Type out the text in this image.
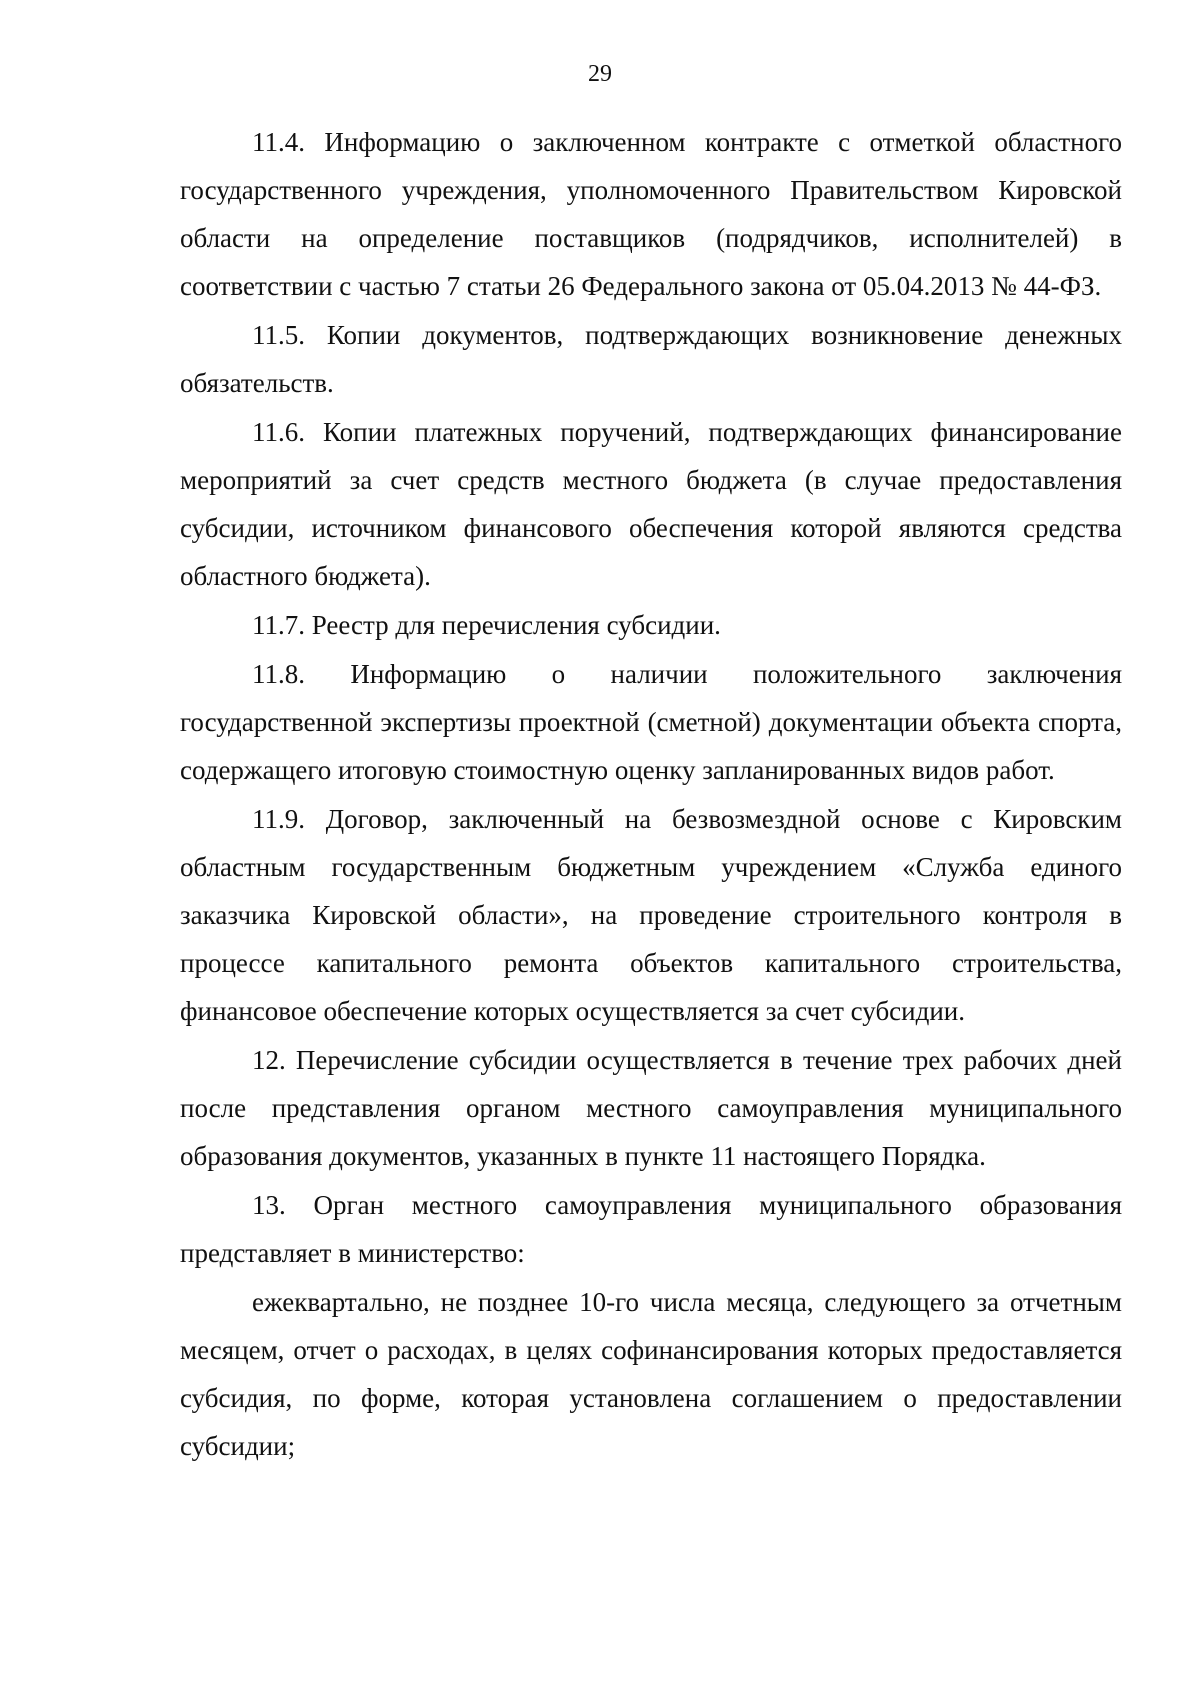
29

11.4. Информацию о заключенном контракте с отметкой областного государственного учреждения, уполномоченного Правительством Кировской области на определение поставщиков (подрядчиков, исполнителей) в соответствии с частью 7 статьи 26 Федерального закона от 05.04.2013 № 44-ФЗ.

11.5. Копии документов, подтверждающих возникновение денежных обязательств.

11.6. Копии платежных поручений, подтверждающих финансирование мероприятий за счет средств местного бюджета (в случае предоставления субсидии, источником финансового обеспечения которой являются средства областного бюджета).

11.7. Реестр для перечисления субсидии.

11.8. Информацию о наличии положительного заключения государственной экспертизы проектной (сметной) документации объекта спорта, содержащего итоговую стоимостную оценку запланированных видов работ.

11.9. Договор, заключенный на безвозмездной основе с Кировским областным государственным бюджетным учреждением «Служба единого заказчика Кировской области», на проведение строительного контроля в процессе капитального ремонта объектов капитального строительства, финансовое обеспечение которых осуществляется за счет субсидии.

12. Перечисление субсидии осуществляется в течение трех рабочих дней после представления органом местного самоуправления муниципального образования документов, указанных в пункте 11 настоящего Порядка.

13. Орган местного самоуправления муниципального образования представляет в министерство:

ежеквартально, не позднее 10-го числа месяца, следующего за отчетным месяцем, отчет о расходах, в целях софинансирования которых предоставляется субсидия, по форме, которая установлена соглашением о предоставлении субсидии;
